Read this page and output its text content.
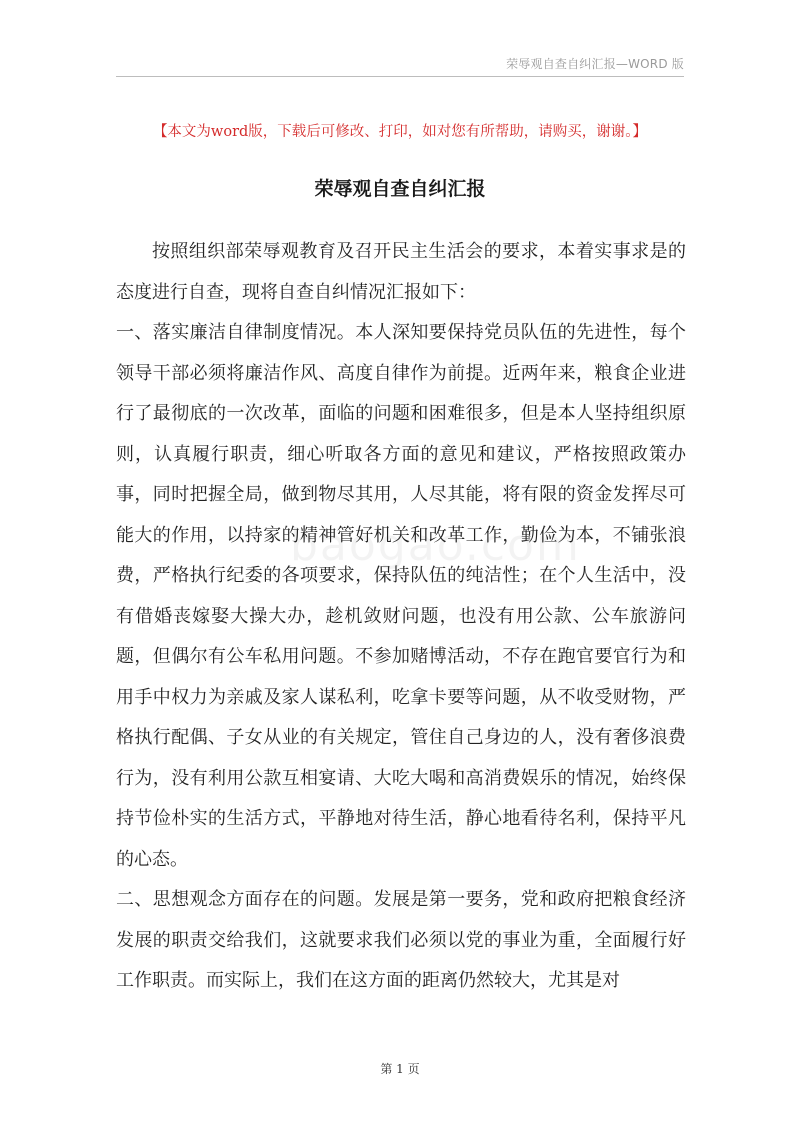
荣辱观自查自纠汇报—WORD 版
【本文为word版，下载后可修改、打印，如对您有所帮助，请购买，谢谢。】
荣辱观自查自纠汇报

按照组织部荣辱观教育及召开民主生活会的要求，本着实事求是的态度进行自查，现将自查自纠情况汇报如下：

一、落实廉洁自律制度情况。本人深知要保持党员队伍的先进性，每个领导干部必须将廉洁作风、高度自律作为前提。近两年来，粮食企业进行了最彻底的一次改革，面临的问题和困难很多，但是本人坚持组织原则，认真履行职责，细心听取各方面的意见和建议，严格按照政策办事，同时把握全局，做到物尽其用，人尽其能，将有限的资金发挥尽可能大的作用，以持家的精神管好机关和改革工作，勤俭为本，不铺张浪费，严格执行纪委的各项要求，保持队伍的纯洁性；在个人生活中，没有借婚丧嫁娶大操大办，趁机敛财问题，也没有用公款、公车旅游问题，但偶尔有公车私用问题。不参加赌博活动，不存在跑官要官行为和用手中权力为亲戚及家人谋私利，吃拿卡要等问题，从不收受财物，严格执行配偶、子女从业的有关规定，管住自己身边的人，没有奢侈浪费行为，没有利用公款互相宴请、大吃大喝和高消费娱乐的情况，始终保持节俭朴实的生活方式，平静地对待生活，静心地看待名利，保持平凡的心态。

二、思想观念方面存在的问题。发展是第一要务，党和政府把粮食经济发展的职责交给我们，这就要求我们必须以党的事业为重，全面履行好工作职责。而实际上，我们在这方面的距离仍然较大，尤其是对

第 1 页
